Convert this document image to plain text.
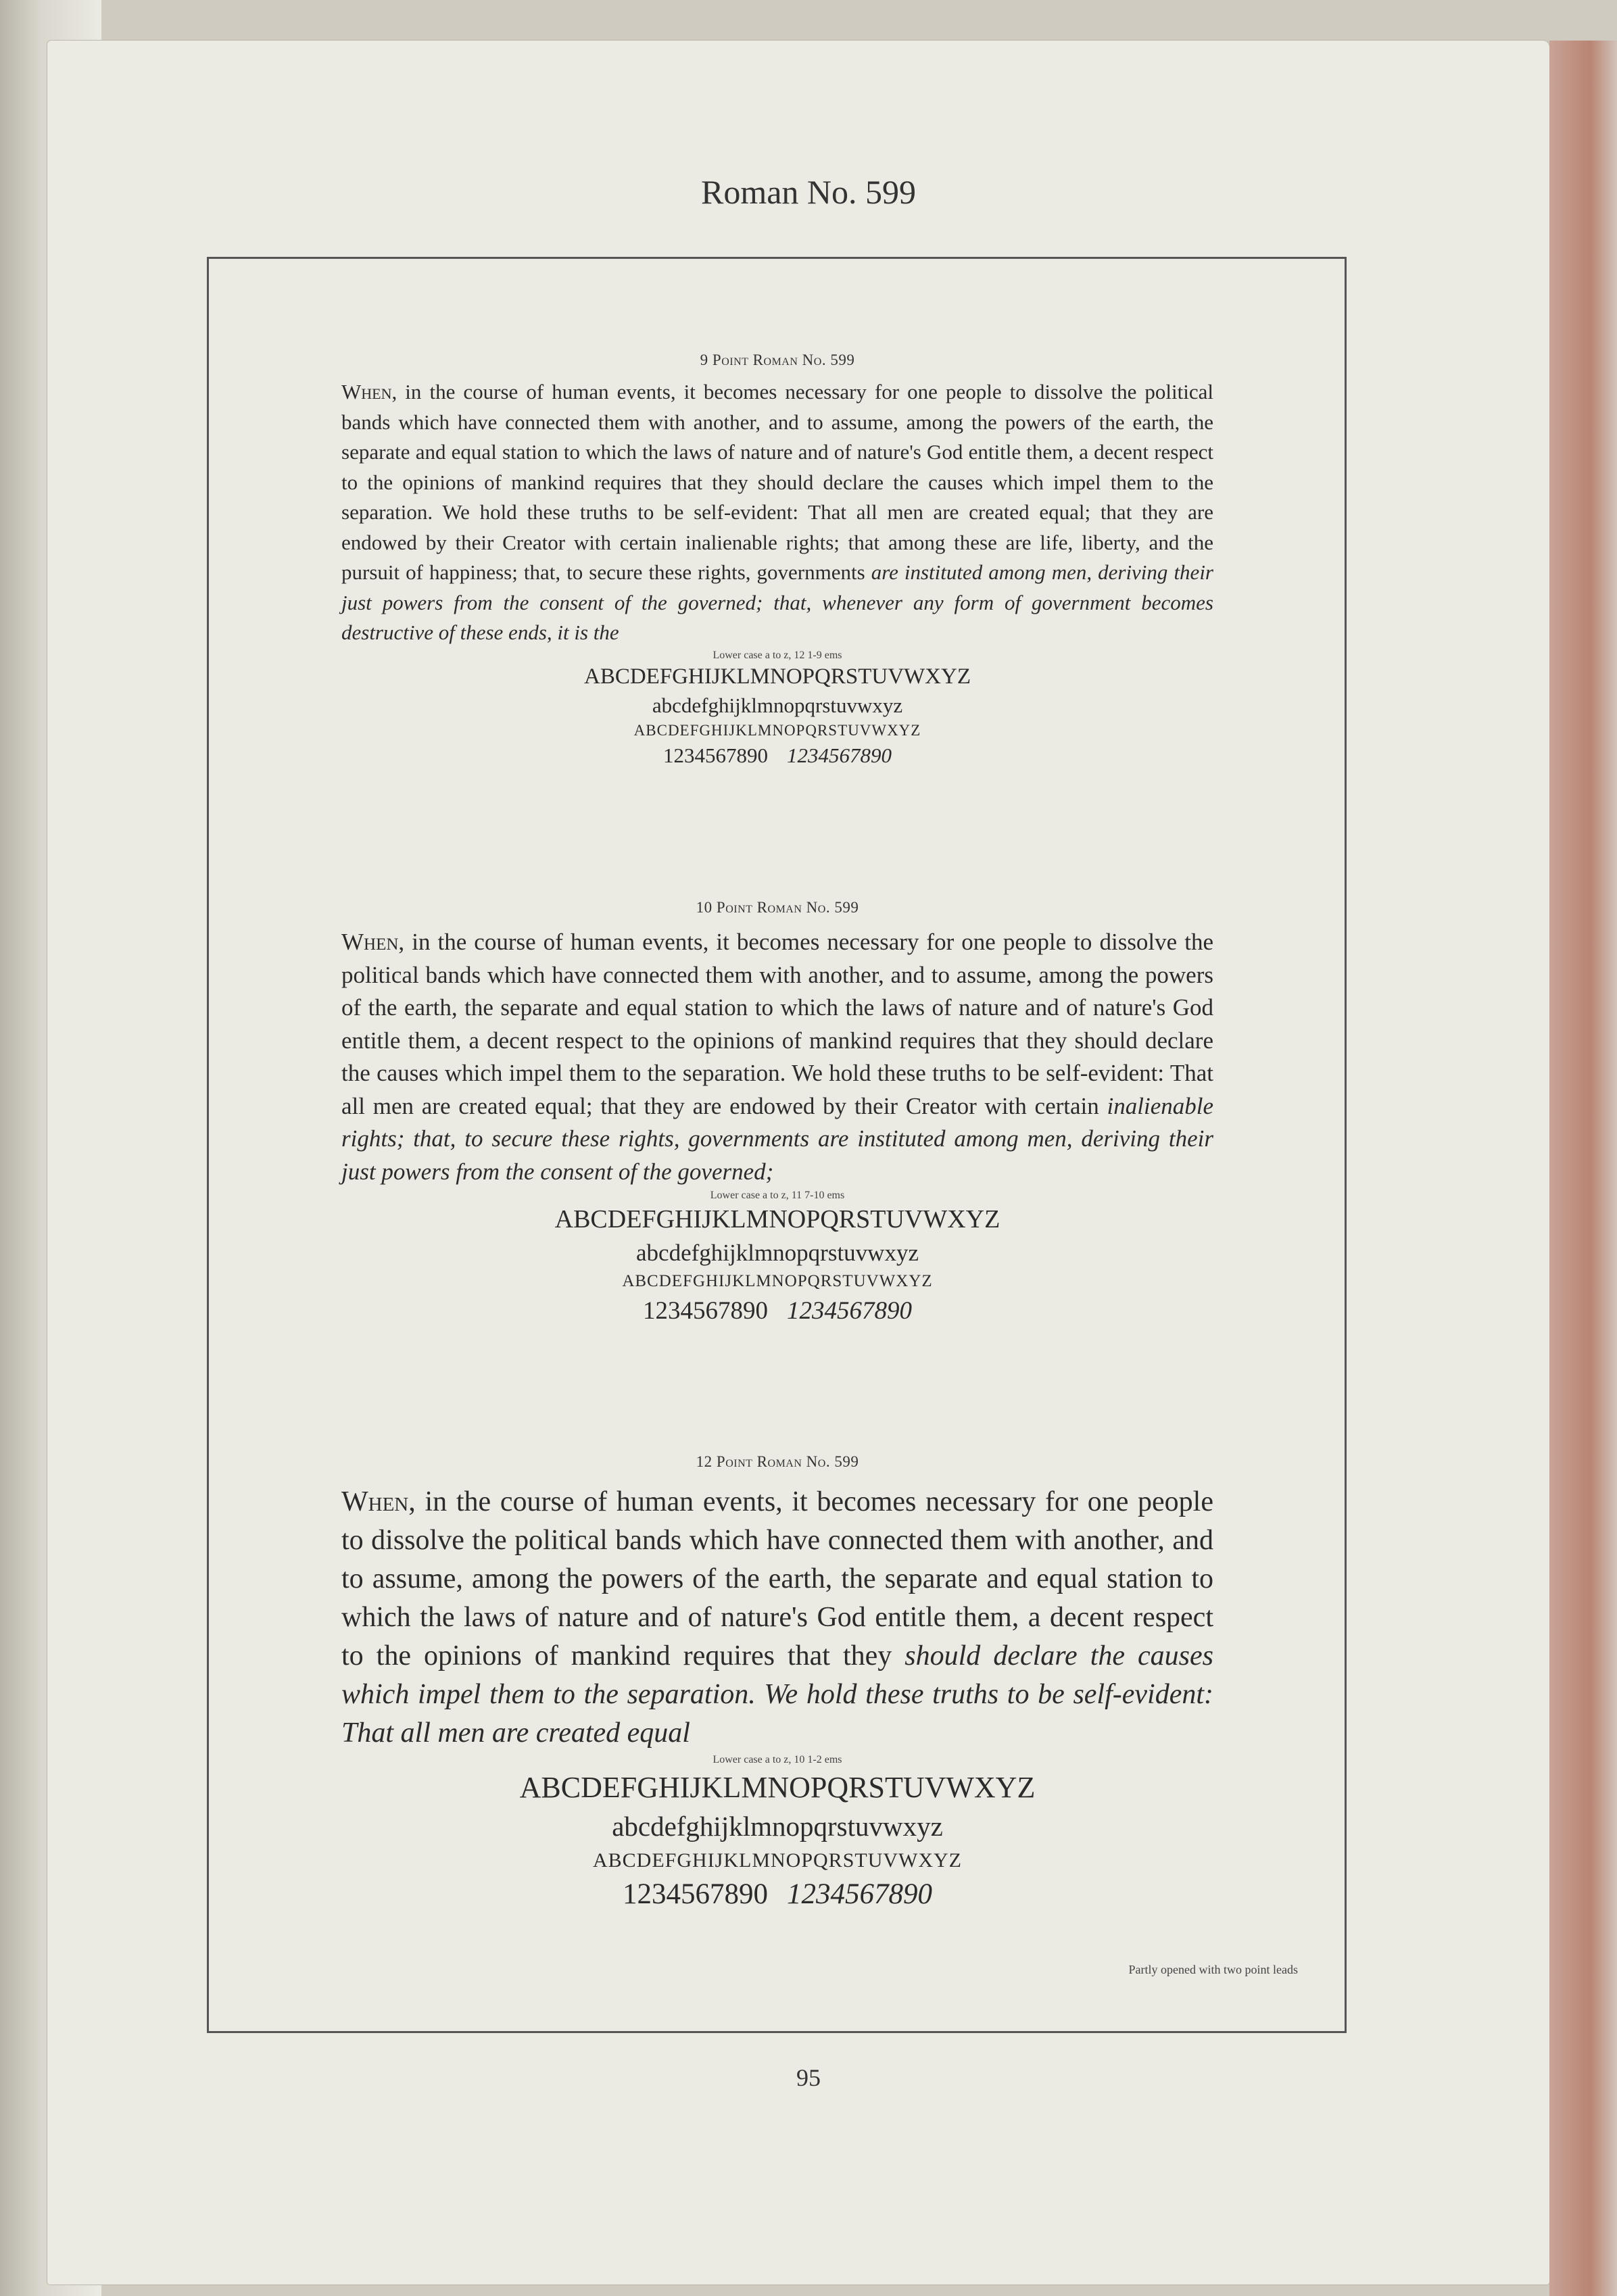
Roman No. 599
9 Point Roman No. 599
When, in the course of human events, it becomes necessary for one people to dissolve the political bands which have connected them with another, and to assume, among the powers of the earth, the separate and equal station to which the laws of nature and of nature's God entitle them, a decent respect to the opinions of mankind requires that they should declare the causes which impel them to the separation. We hold these truths to be self-evident: That all men are created equal; that they are endowed by their Creator with certain inalienable rights; that among these are life, liberty, and the pursuit of happiness; that, to secure these rights, governments are instituted among men, deriving their just powers from the consent of the governed; that, whenever any form of government becomes destructive of these ends, it is the
Lower case a to z, 12 1-9 ems
ABCDEFGHIJKLMNOPQRSTUVWXYZ
abcdefghijklmnopqrstuvwxyz
ABCDEFGHIJKLMNOPQRSTUVWXYZ
1234567890 1234567890
10 Point Roman No. 599
When, in the course of human events, it becomes necessary for one people to dissolve the political bands which have connected them with another, and to assume, among the powers of the earth, the separate and equal station to which the laws of nature and of nature's God entitle them, a decent respect to the opinions of mankind requires that they should declare the causes which impel them to the separation. We hold these truths to be self-evident: That all men are created equal; that they are endowed by their Creator with certain inalienable rights; that, to secure these rights, governments are instituted among men, deriving their just powers from the consent of the governed;
Lower case a to z, 11 7-10 ems
ABCDEFGHIJKLMNOPQRSTUVWXYZ
abcdefghijklmnopqrstuvwxyz
ABCDEFGHIJKLMNOPQRSTUVWXYZ
1234567890 1234567890
12 Point Roman No. 599
When, in the course of human events, it becomes necessary for one people to dissolve the political bands which have connected them with another, and to assume, among the powers of the earth, the separate and equal station to which the laws of nature and of nature's God entitle them, a decent respect to the opinions of mankind requires that they should declare the causes which impel them to the separation. We hold these truths to be self-evident: That all men are created equal
Lower case a to z, 10 1-2 ems
ABCDEFGHIJKLMNOPQRSTUVWXYZ
abcdefghijklmnopqrstuvwxyz
ABCDEFGHIJKLMNOPQRSTUVWXYZ
1234567890 1234567890
Partly opened with two point leads
95
